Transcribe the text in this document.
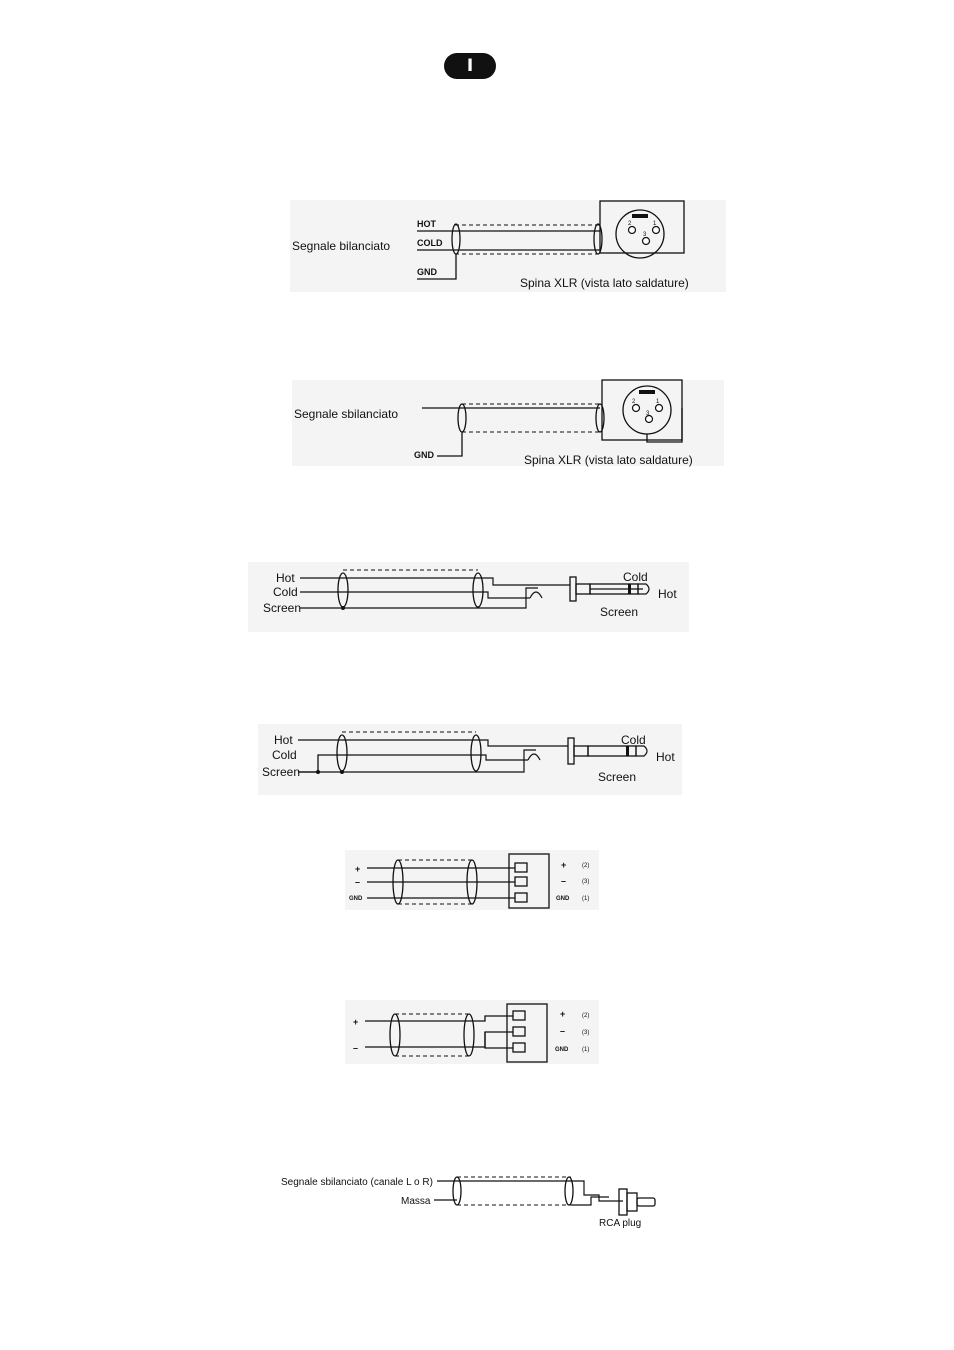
I
Segnale bilanciato
HOT
COLD
GND
2	1
3
Spina XLR (vista lato saldature)
Segnale sbilanciato
GND
2	1
3
Spina XLR (vista lato saldature)
Hot
Cold
Screen
Cold
Hot
Screen
Hot
Cold
Screen
Cold
Hot
Screen
+
–
GND
+
–
GND
(2)
(3)
(1)
+
–
+
–
GND
(2)
(3)
(1)
Segnale sbilanciato (canale L o R)
Massa
RCA plug
